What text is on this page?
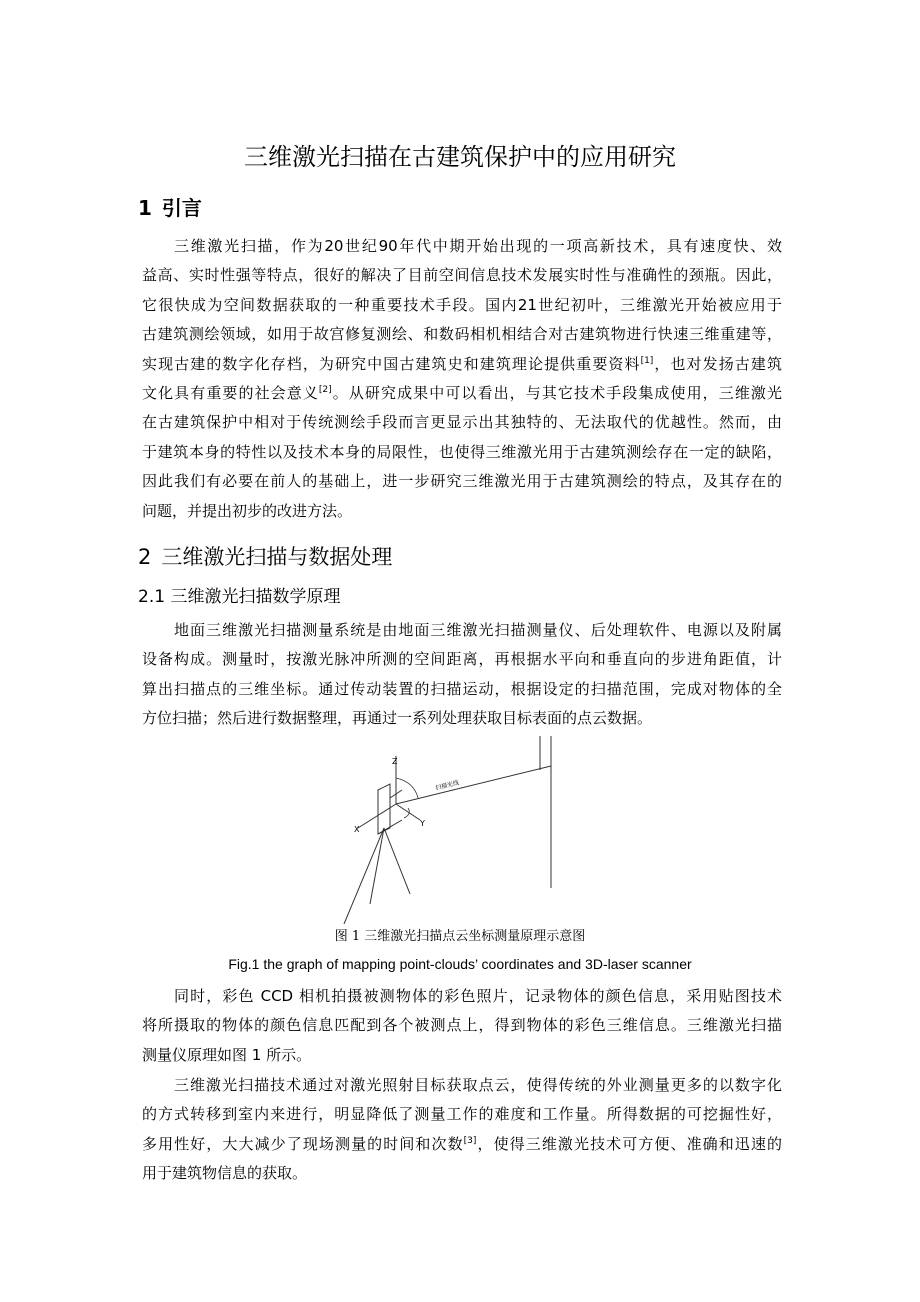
三维激光扫描在古建筑保护中的应用研究
1 引言
三维激光扫描，作为20世纪90年代中期开始出现的一项高新技术，具有速度快、效
益高、实时性强等特点，很好的解决了目前空间信息技术发展实时性与准确性的颈瓶。因此，
它很快成为空间数据获取的一种重要技术手段。国内21世纪初叶，三维激光开始被应用于
古建筑测绘领域，如用于故宫修复测绘、和数码相机相结合对古建筑物进行快速三维重建等，
实现古建的数字化存档，为研究中国古建筑史和建筑理论提供重要资料[1]，也对发扬古建筑
文化具有重要的社会意义[2]。从研究成果中可以看出，与其它技术手段集成使用，三维激光
在古建筑保护中相对于传统测绘手段而言更显示出其独特的、无法取代的优越性。然而，由
于建筑本身的特性以及技术本身的局限性，也使得三维激光用于古建筑测绘存在一定的缺陷，
因此我们有必要在前人的基础上，进一步研究三维激光用于古建筑测绘的特点，及其存在的
问题，并提出初步的改进方法。
2 三维激光扫描与数据处理
2.1 三维激光扫描数学原理
地面三维激光扫描测量系统是由地面三维激光扫描测量仪、后处理软件、电源以及附属
设备构成。测量时，按激光脉冲所测的空间距离，再根据水平向和垂直向的步进角距值，计
算出扫描点的三维坐标。通过传动装置的扫描运动，根据设定的扫描范围，完成对物体的全
方位扫描；然后进行数据整理，再通过一系列处理获取目标表面的点云数据。
Z
X
Y
扫描光线
图 1 三维激光扫描点云坐标测量原理示意图
Fig.1 the graph of mapping point-clouds’ coordinates and 3D-laser scanner
同时，彩色 CCD 相机拍摄被测物体的彩色照片，记录物体的颜色信息，采用贴图技术
将所摄取的物体的颜色信息匹配到各个被测点上，得到物体的彩色三维信息。三维激光扫描
测量仪原理如图 1 所示。
三维激光扫描技术通过对激光照射目标获取点云，使得传统的外业测量更多的以数字化
的方式转移到室内来进行，明显降低了测量工作的难度和工作量。所得数据的可挖掘性好，
多用性好，大大减少了现场测量的时间和次数[3]，使得三维激光技术可方便、准确和迅速的
用于建筑物信息的获取。
